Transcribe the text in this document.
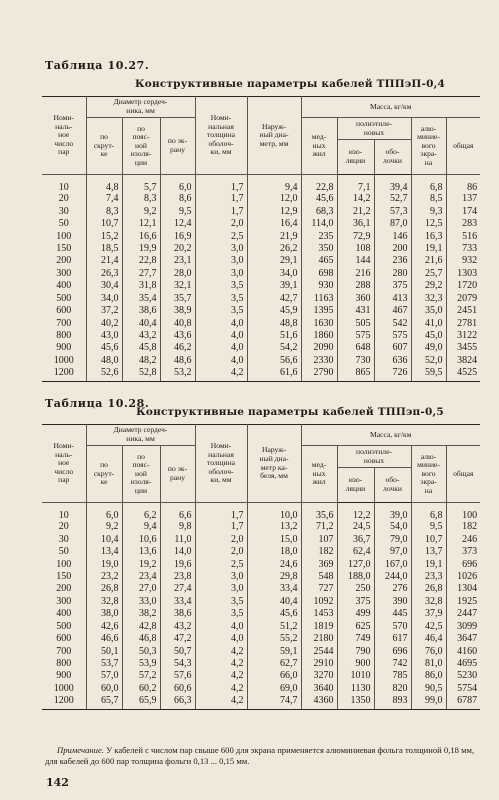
Таблица 10.27.
Конструктивные параметры кабелей ТППэП-0,4
Номи-
наль-
ное
число
пар	Диаметр сердеч-
ника, мм			Номи-
нальная
толщина
оболоч-
ки, мм	Наруж-
ный диа-
метр, мм	Масса, кг/км				
	по
скрут-
ке	по
пояс-
ной
изоля-
ции	по эк-
рану			мед-
ных
жил	полиэтиле-
новых		алю-
миние-
вого
экра-
на	общая
							изо-
ляции	обо-
лочки		
10	4,8	5,7	6,0	1,7	9,4	22,8	7,1	39,4	6,8	86
20	7,4	8,3	8,6	1,7	12,0	45,6	14,2	52,7	8,5	137
30	8,3	9,2	9,5	1,7	12,9	68,3	21,2	57,3	9,3	174
50	10,7	12,1	12,4	2,0	16,4	114,0	36,1	87,0	12,5	283
100	15,2	16,6	16,9	2,5	21,9	235	72,9	146	16,3	516
150	18,5	19,9	20,2	3,0	26,2	350	108	200	19,1	733
200	21,4	22,8	23,1	3,0	29,1	465	144	236	21,6	932
300	26,3	27,7	28,0	3,0	34,0	698	216	280	25,7	1303
400	30,4	31,8	32,1	3,5	39,1	930	288	375	29,2	1720
500	34,0	35,4	35,7	3,5	42,7	1163	360	413	32,3	2079
600	37,2	38,6	38,9	3,5	45,9	1395	431	467	35,0	2451
700	40,2	40,4	40,8	4,0	48,8	1630	505	542	41,0	2781
800	43,0	43,2	43,6	4,0	51,6	1860	575	575	45,0	3122
900	45,6	45,8	46,2	4,0	54,2	2090	648	607	49,0	3455
1000	48,0	48,2	48,6	4,0	56,6	2330	730	636	52,0	3824
1200	52,6	52,8	53,2	4,2	61,6	2790	865	726	59,5	4525
Таблица 10.28.
Конструктивные параметры кабелей ТППэп-0,5
Номи-
наль-
ное
число
пар	Диаметр сердеч-
ника, мм			Номи-
нальная
толщина
оболоч-
ки, мм	Наруж-
ный диа-
метр ка-
беля, мм	Масса, кг/км				
	по
скрут-
ке	по
пояс-
ной
изоля-
ции	по эк-
рану			мед-
ных
жил	полиэтиле-
новых		алю-
миние-
вого
экра-
на	общая
							изо-
ляции	обо-
лочки		
10	6,0	6,2	6,6	1,7	10,0	35,6	12,2	39,0	6,8	100
20	9,2	9,4	9,8	1,7	13,2	71,2	24,5	54,0	9,5	182
30	10,4	10,6	11,0	2,0	15,0	107	36,7	79,0	10,7	246
50	13,4	13,6	14,0	2,0	18,0	182	62,4	97,0	13,7	373
100	19,0	19,2	19,6	2,5	24,6	369	127,0	167,0	19,1	696
150	23,2	23,4	23,8	3,0	29,8	548	188,0	244,0	23,3	1026
200	26,8	27,0	27,4	3,0	33,4	727	250	276	26,8	1304
300	32,8	33,0	33,4	3,5	40,4	1092	375	390	32,8	1925
400	38,0	38,2	38,6	3,5	45,6	1453	499	445	37,9	2447
500	42,6	42,8	43,2	4,0	51,2	1819	625	570	42,5	3099
600	46,6	46,8	47,2	4,0	55,2	2180	749	617	46,4	3647
700	50,1	50,3	50,7	4,2	59,1	2544	790	696	76,0	4160
800	53,7	53,9	54,3	4,2	62,7	2910	900	742	81,0	4695
900	57,0	57,2	57,6	4,2	66,0	3270	1010	785	86,0	5230
1000	60,0	60,2	60,6	4,2	69,0	3640	1130	820	90,5	5754
1200	65,7	65,9	66,3	4,2	74,7	4360	1350	893	99,0	6787
Примечание. У кабелей с числом пар свыше 600 для экрана применяется алюминиевая фольга толщиной 0,18 мм, для кабелей до 600 пар толщина фольги 0,13 ... 0,15 мм.
142
